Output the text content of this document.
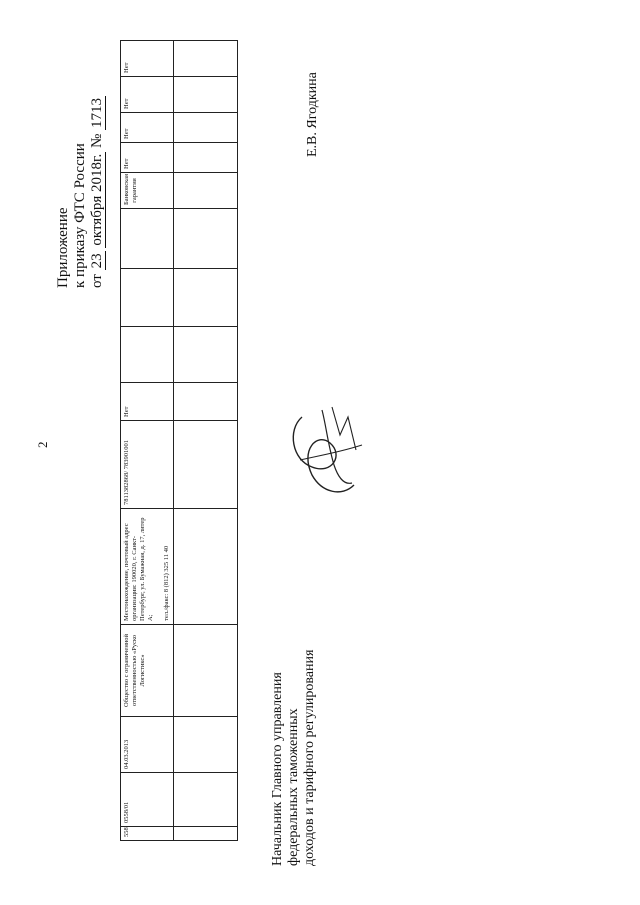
2
Приложение к приказу ФТС России от 23 октября 2018г. № 1713
558	0558/01	04.03.2013	Общество с ограниченной ответственностью «Руско Логистикс»	Местонахождение, почтовый адрес организации: 190020, г. Санкт-Петербург, ул. Бумажная, д. 17, литер А; тел./факс: 8 (812) 325 11 40	7811382868/ 783901001	Нет				Банковская гарантия	Нет	Нет	Нет	Нет

Начальник Главного управления федеральных таможенных доходов и тарифного регулирования
Е.В. Ягодкина
